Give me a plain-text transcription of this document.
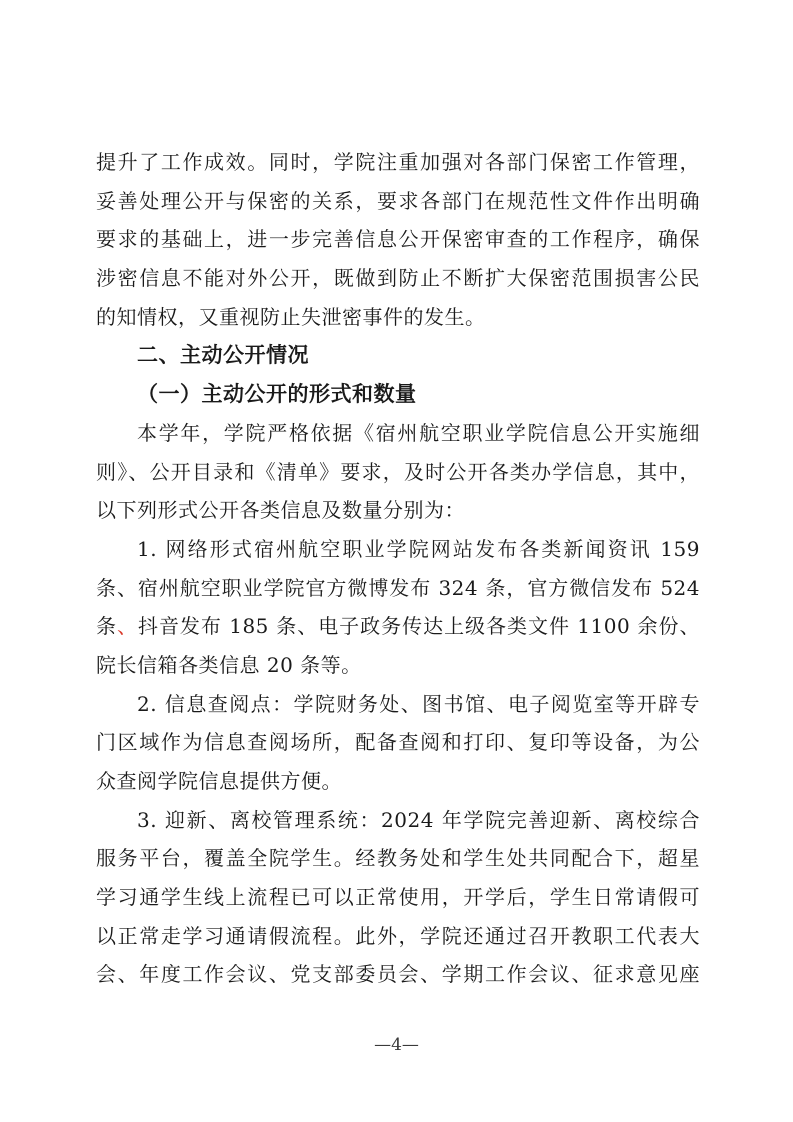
提升了工作成效。同时，学院注重加强对各部门保密工作管理，
妥善处理公开与保密的关系，要求各部门在规范性文件作出明确
要求的基础上，进一步完善信息公开保密审查的工作程序，确保
涉密信息不能对外公开，既做到防止不断扩大保密范围损害公民
的知情权，又重视防止失泄密事件的发生。
二、主动公开情况
（一）主动公开的形式和数量
本学年，学院严格依据《宿州航空职业学院信息公开实施细
则》、公开目录和《清单》要求，及时公开各类办学信息，其中，
以下列形式公开各类信息及数量分别为：
1. 网络形式宿州航空职业学院网站发布各类新闻资讯 159
条、宿州航空职业学院官方微博发布 324 条，官方微信发布 524
条、抖音发布 185 条、电子政务传达上级各类文件 1100 余份、
院长信箱各类信息 20 条等。
2. 信息查阅点：学院财务处、图书馆、电子阅览室等开辟专
门区域作为信息查阅场所，配备查阅和打印、复印等设备，为公
众查阅学院信息提供方便。
3. 迎新、离校管理系统：2024 年学院完善迎新、离校综合
服务平台，覆盖全院学生。经教务处和学生处共同配合下，超星
学习通学生线上流程已可以正常使用，开学后，学生日常请假可
以正常走学习通请假流程。此外，学院还通过召开教职工代表大
会、年度工作会议、党支部委员会、学期工作会议、征求意见座
—4—
